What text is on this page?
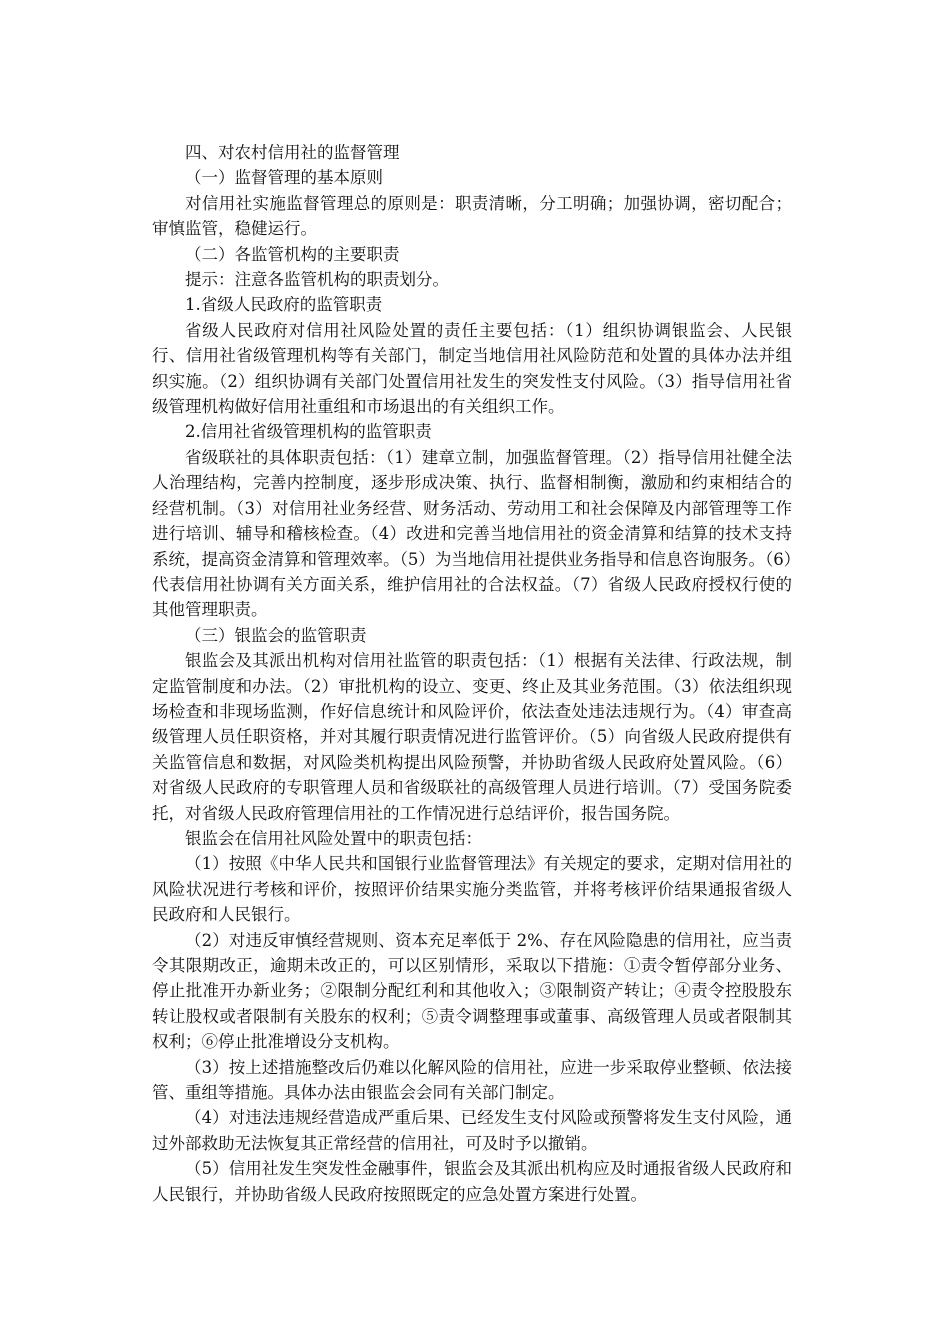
四、对农村信用社的监督管理

（一）监督管理的基本原则

对信用社实施监督管理总的原则是：职责清晰，分工明确；加强协调，密切配合；审慎监管，稳健运行。

（二）各监管机构的主要职责

提示：注意各监管机构的职责划分。

1.省级人民政府的监管职责

省级人民政府对信用社风险处置的责任主要包括：（1）组织协调银监会、人民银行、信用社省级管理机构等有关部门，制定当地信用社风险防范和处置的具体办法并组织实施。（2）组织协调有关部门处置信用社发生的突发性支付风险。（3）指导信用社省级管理机构做好信用社重组和市场退出的有关组织工作。

2.信用社省级管理机构的监管职责

省级联社的具体职责包括：（1）建章立制，加强监督管理。（2）指导信用社健全法人治理结构，完善内控制度，逐步形成决策、执行、监督相制衡，激励和约束相结合的经营机制。（3）对信用社业务经营、财务活动、劳动用工和社会保障及内部管理等工作进行培训、辅导和稽核检查。（4）改进和完善当地信用社的资金清算和结算的技术支持系统，提高资金清算和管理效率。（5）为当地信用社提供业务指导和信息咨询服务。（6）代表信用社协调有关方面关系，维护信用社的合法权益。（7）省级人民政府授权行使的其他管理职责。

（三）银监会的监管职责

银监会及其派出机构对信用社监管的职责包括：（1）根据有关法律、行政法规，制定监管制度和办法。（2）审批机构的设立、变更、终止及其业务范围。（3）依法组织现场检查和非现场监测，作好信息统计和风险评价，依法查处违法违规行为。（4）审查高级管理人员任职资格，并对其履行职责情况进行监管评价。（5）向省级人民政府提供有关监管信息和数据，对风险类机构提出风险预警，并协助省级人民政府处置风险。（6）对省级人民政府的专职管理人员和省级联社的高级管理人员进行培训。（7）受国务院委托，对省级人民政府管理信用社的工作情况进行总结评价，报告国务院。

银监会在信用社风险处置中的职责包括：

（1）按照《中华人民共和国银行业监督管理法》有关规定的要求，定期对信用社的风险状况进行考核和评价，按照评价结果实施分类监管，并将考核评价结果通报省级人民政府和人民银行。

（2）对违反审慎经营规则、资本充足率低于 2%、存在风险隐患的信用社，应当责令其限期改正，逾期未改正的，可以区别情形，采取以下措施：①责令暂停部分业务、停止批准开办新业务；②限制分配红利和其他收入；③限制资产转让；④责令控股股东转让股权或者限制有关股东的权利；⑤责令调整理事或董事、高级管理人员或者限制其权利；⑥停止批准增设分支机构。

（3）按上述措施整改后仍难以化解风险的信用社，应进一步采取停业整顿、依法接管、重组等措施。具体办法由银监会会同有关部门制定。

（4）对违法违规经营造成严重后果、已经发生支付风险或预警将发生支付风险，通过外部救助无法恢复其正常经营的信用社，可及时予以撤销。

（5）信用社发生突发性金融事件，银监会及其派出机构应及时通报省级人民政府和人民银行，并协助省级人民政府按照既定的应急处置方案进行处置。
